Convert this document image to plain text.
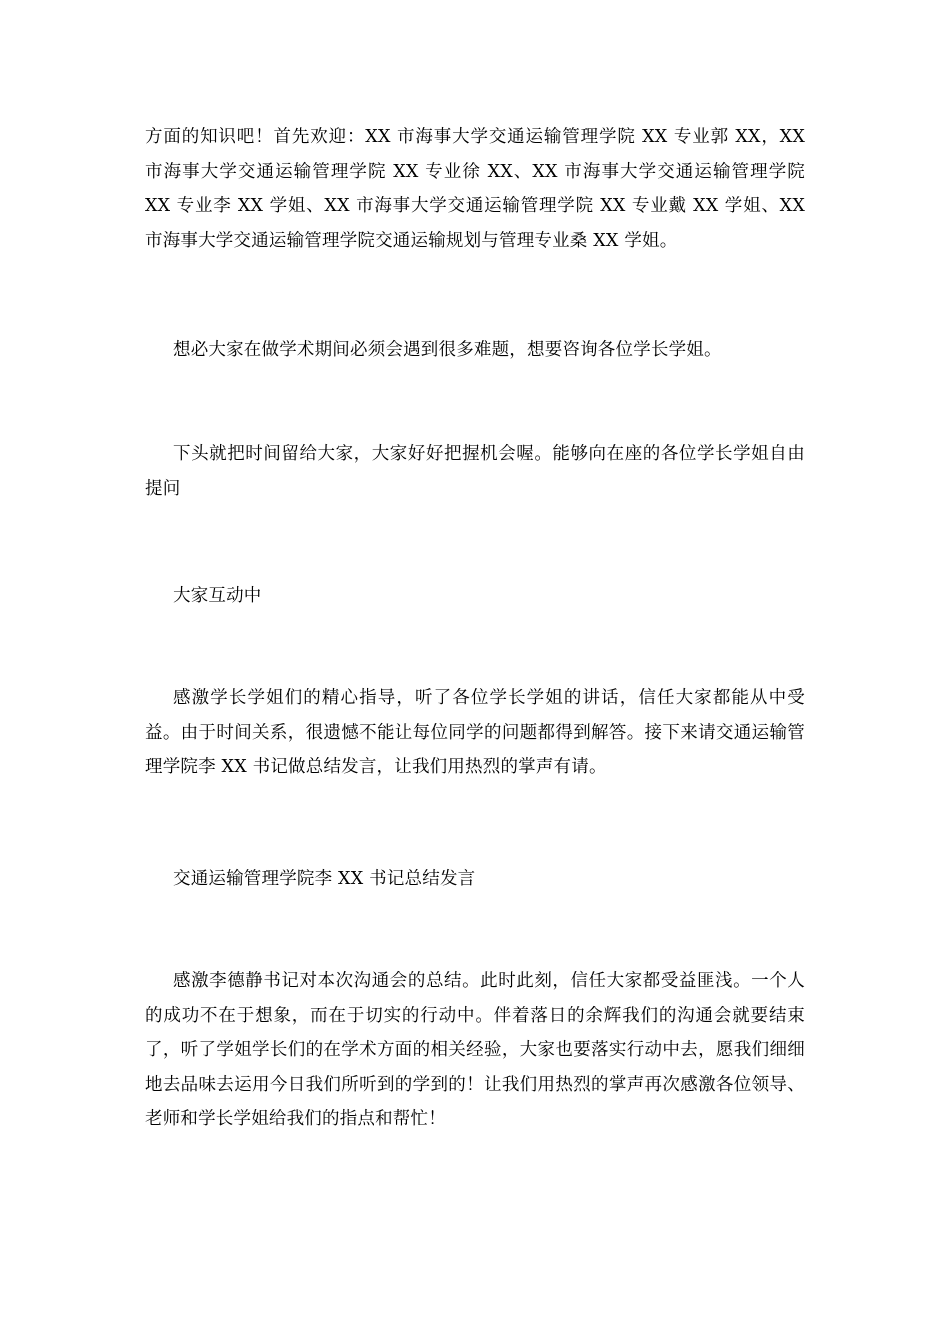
方面的知识吧！首先欢迎：XX 市海事大学交通运输管理学院 XX 专业郭 XX，XX 市海事大学交通运输管理学院 XX 专业徐 XX、XX 市海事大学交通运输管理学院 XX 专业李 XX 学姐、XX 市海事大学交通运输管理学院 XX 专业戴 XX 学姐、XX 市海事大学交通运输管理学院交通运输规划与管理专业桑 XX 学姐。

想必大家在做学术期间必须会遇到很多难题，想要咨询各位学长学姐。

下头就把时间留给大家，大家好好把握机会喔。能够向在座的各位学长学姐自由提问

大家互动中

感激学长学姐们的精心指导，听了各位学长学姐的讲话，信任大家都能从中受益。由于时间关系，很遗憾不能让每位同学的问题都得到解答。接下来请交通运输管理学院李 XX 书记做总结发言，让我们用热烈的掌声有请。

交通运输管理学院李 XX 书记总结发言

感激李德静书记对本次沟通会的总结。此时此刻，信任大家都受益匪浅。一个人的成功不在于想象，而在于切实的行动中。伴着落日的余辉我们的沟通会就要结束了，听了学姐学长们的在学术方面的相关经验，大家也要落实行动中去，愿我们细细地去品味去运用今日我们所听到的学到的！让我们用热烈的掌声再次感激各位领导、老师和学长学姐给我们的指点和帮忙！
